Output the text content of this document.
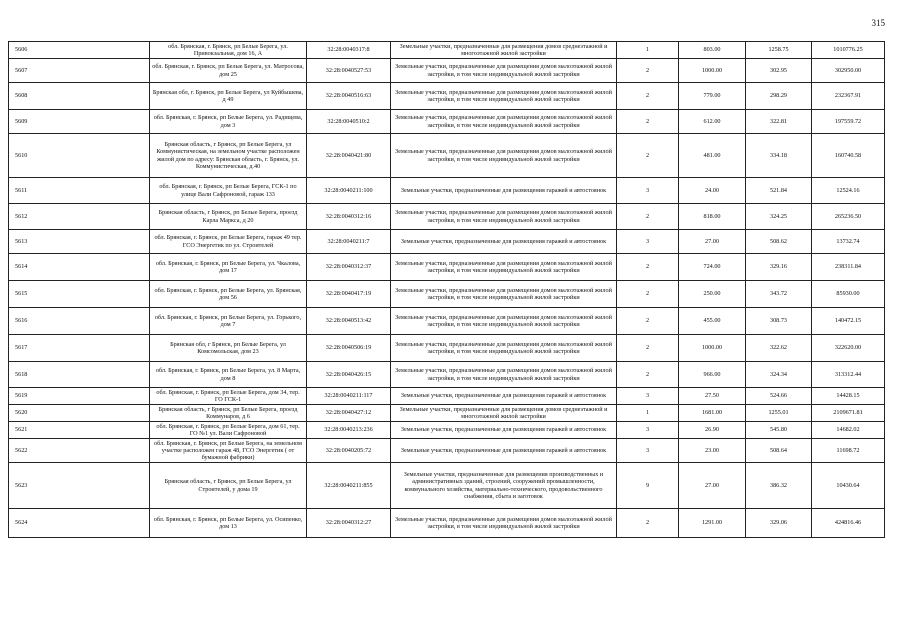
315
5606	обл. Брянская, г. Брянск, рп Белые Берега, ул. Привокзальная, дом 16, А	32:28:0040317:8	Земельные участки, предназначенные для размещения домов среднеэтажной и многоэтажной жилой застройки	1	803.00	1258.75	1010776.25
5607	обл. Брянская, г. Брянск, рп Белые Берега, ул. Матросова, дом 25	32:28:0040527:53	Земельные участки, предназначенные для размещения домов малоэтажной жилой застройки, в том числе индивидуальной жилой застройки	2	1000.00	302.95	302950.00
5608	Брянская обл, г. Брянск, рп Белые Берега, ул Куйбышева, д 49	32:28:0040516:63	Земельные участки, предназначенные для размещения домов малоэтажной жилой застройки, в том числе индивидуальной жилой застройки	2	779.00	298.29	232367.91
5609	обл. Брянская, г. Брянск, рп Белые Берега, ул. Радищева, дом 3	32:28:0040510:2	Земельные участки, предназначенные для размещения домов малоэтажной жилой застройки, в том числе индивидуальной жилой застройки	2	612.00	322.81	197559.72
5610	Брянская область, г Брянск, рп Белые Берега, ул Коммунистическая, на земельном участке расположен жилой дом по адресу: Брянская область, г. Брянск, ул. Коммунистическая, д.40	32:28:0040421:80	Земельные участки, предназначенные для размещения домов малоэтажной жилой застройки, в том числе индивидуальной жилой застройки	2	481.00	334.18	160740.58
5611	обл. Брянская, г. Брянск, рп Белые Берега, ГСК-1 по улице Вали Сафроновой, гараж 133	32:28:0040211:100	Земельные участки, предназначенные для размещения гаражей и автостоянок	3	24.00	521.84	12524.16
5612	Брянская область, г Брянск, рп Белые Берега, проезд Карла Маркса, д 20	32:28:0040312:16	Земельные участки, предназначенные для размещения домов малоэтажной жилой застройки, в том числе индивидуальной жилой застройки	2	818.00	324.25	265236.50
5613	обл. Брянская, г. Брянск, рп Белые Берега, гараж 49 тер. ГСО Энергетик по ул. Строителей	32:28:0040211:7	Земельные участки, предназначенные для размещения гаражей и автостоянок	3	27.00	508.62	13732.74
5614	обл. Брянская, г. Брянск, рп Белые Берега, ул. Чкалова, дом 17	32:28:0040312:37	Земельные участки, предназначенные для размещения домов малоэтажной жилой застройки, в том числе индивидуальной жилой застройки	2	724.00	329.16	238311.84
5615	обл. Брянская, г. Брянск, рп Белые Берега, ул. Брянская, дом 56	32:28:0040417:19	Земельные участки, предназначенные для размещения домов малоэтажной жилой застройки, в том числе индивидуальной жилой застройки	2	250.00	343.72	85930.00
5616	обл. Брянская, г. Брянск, рп Белые Берега, ул. Горького, дом 7	32:28:0040513:42	Земельные участки, предназначенные для размещения домов малоэтажной жилой застройки, в том числе индивидуальной жилой застройки	2	455.00	308.73	140472.15
5617	Брянская обл, г Брянск, рп Белые Берега, ул Комсомольская, дом 23	32:28:0040506:19	Земельные участки, предназначенные для размещения домов малоэтажной жилой застройки, в том числе индивидуальной жилой застройки	2	1000.00	322.62	322620.00
5618	обл. Брянская, г. Брянск, рп Белые Берега, ул. 8 Марта, дом 8	32:28:0040426:15	Земельные участки, предназначенные для размещения домов малоэтажной жилой застройки, в том числе индивидуальной жилой застройки	2	966.00	324.34	313312.44
5619	обл. Брянская, г. Брянск, рп Белые Берега, дом 34, тер. ГО ГСК-1	32:28:0040211:117	Земельные участки, предназначенные для размещения гаражей и автостоянок	3	27.50	524.66	14428.15
5620	Брянская область, г Брянск, рп Белые Берега, проезд Коммунаров, д 6	32:28:0040427:12	Земельные участки, предназначенные для размещения домов среднеэтажной и многоэтажной жилой застройки	1	1681.00	1255.01	2109671.81
5621	обл. Брянская, г. Брянск, рп Белые Берега, дом 61, тер. ГО №1 ул. Вали Сафроновой	32:28:0040213:236	Земельные участки, предназначенные для размещения гаражей и автостоянок	3	26.90	545.80	14682.02
5622	обл. Брянская, г. Брянск, рп Белые Берега, на земельном участке расположен гараж 48, ГСО Энергетик ( от бумажной фабрики)	32:28:0040205:72	Земельные участки, предназначенные для размещения гаражей и автостоянок	3	23.00	508.64	11698.72
5623	Брянская область, г Брянск, рп Белые Берега, ул Строителей, у дома 19	32:28:0040211:855	Земельные участки, предназначенные для размещения производственных и административных зданий, строений, сооружений промышленности, коммунального хозяйства, материально-технического, продовольственного снабжения, сбыта и заготовок	9	27.00	386.32	10430.64
5624	обл. Брянская, г. Брянск, рп Белые Берега, ул. Осипенко, дом 13	32:28:0040312:27	Земельные участки, предназначенные для размещения домов малоэтажной жилой застройки, в том числе индивидуальной жилой застройки	2	1291.00	329.06	424816.46
